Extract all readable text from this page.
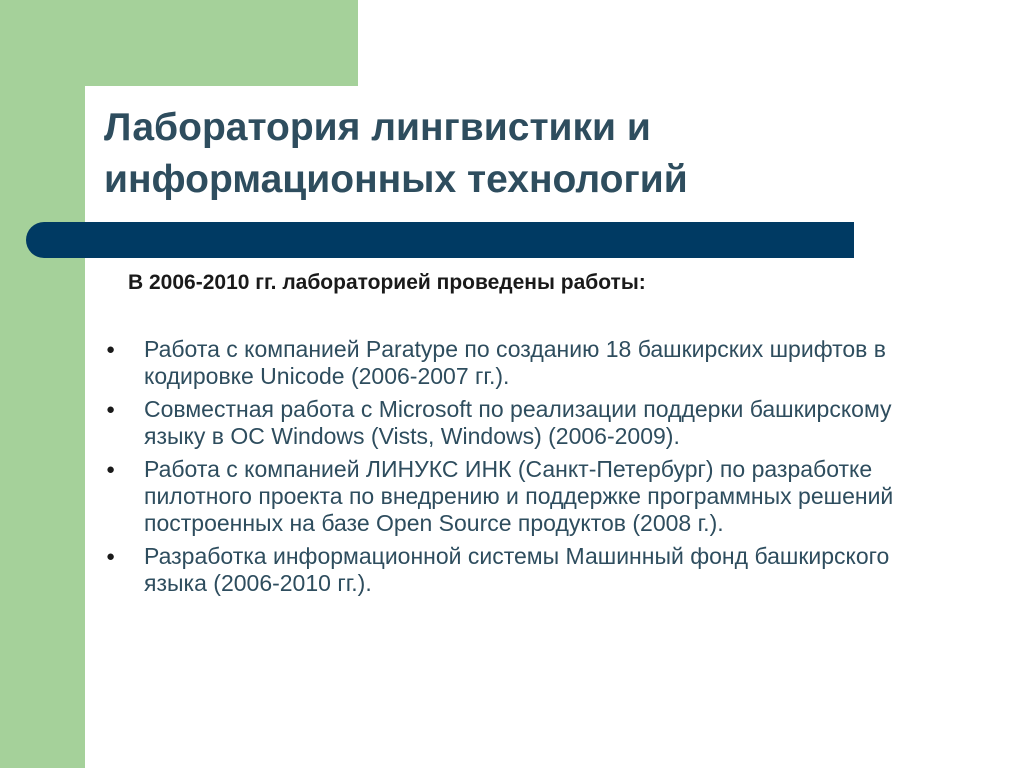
Лаборатория лингвистики и
информационных технологий

В 2006-2010 гг. лабораторией проведены работы:

● Работа с компанией Paratype по созданию 18 башкирских шрифтов в кодировке Unicode (2006-2007 гг.).
● Совместная работа с Microsoft по реализации поддерки башкирскому языку в ОС Windows (Vists, Windows) (2006-2009).
● Работа с компанией ЛИНУКС ИНК (Санкт-Петербург) по разработке пилотного проекта по внедрению и поддержке программных решений построенных на базе Open Source продуктов (2008 г.).
● Разработка информационной системы Машинный фонд башкирского языка (2006-2010 гг.).
